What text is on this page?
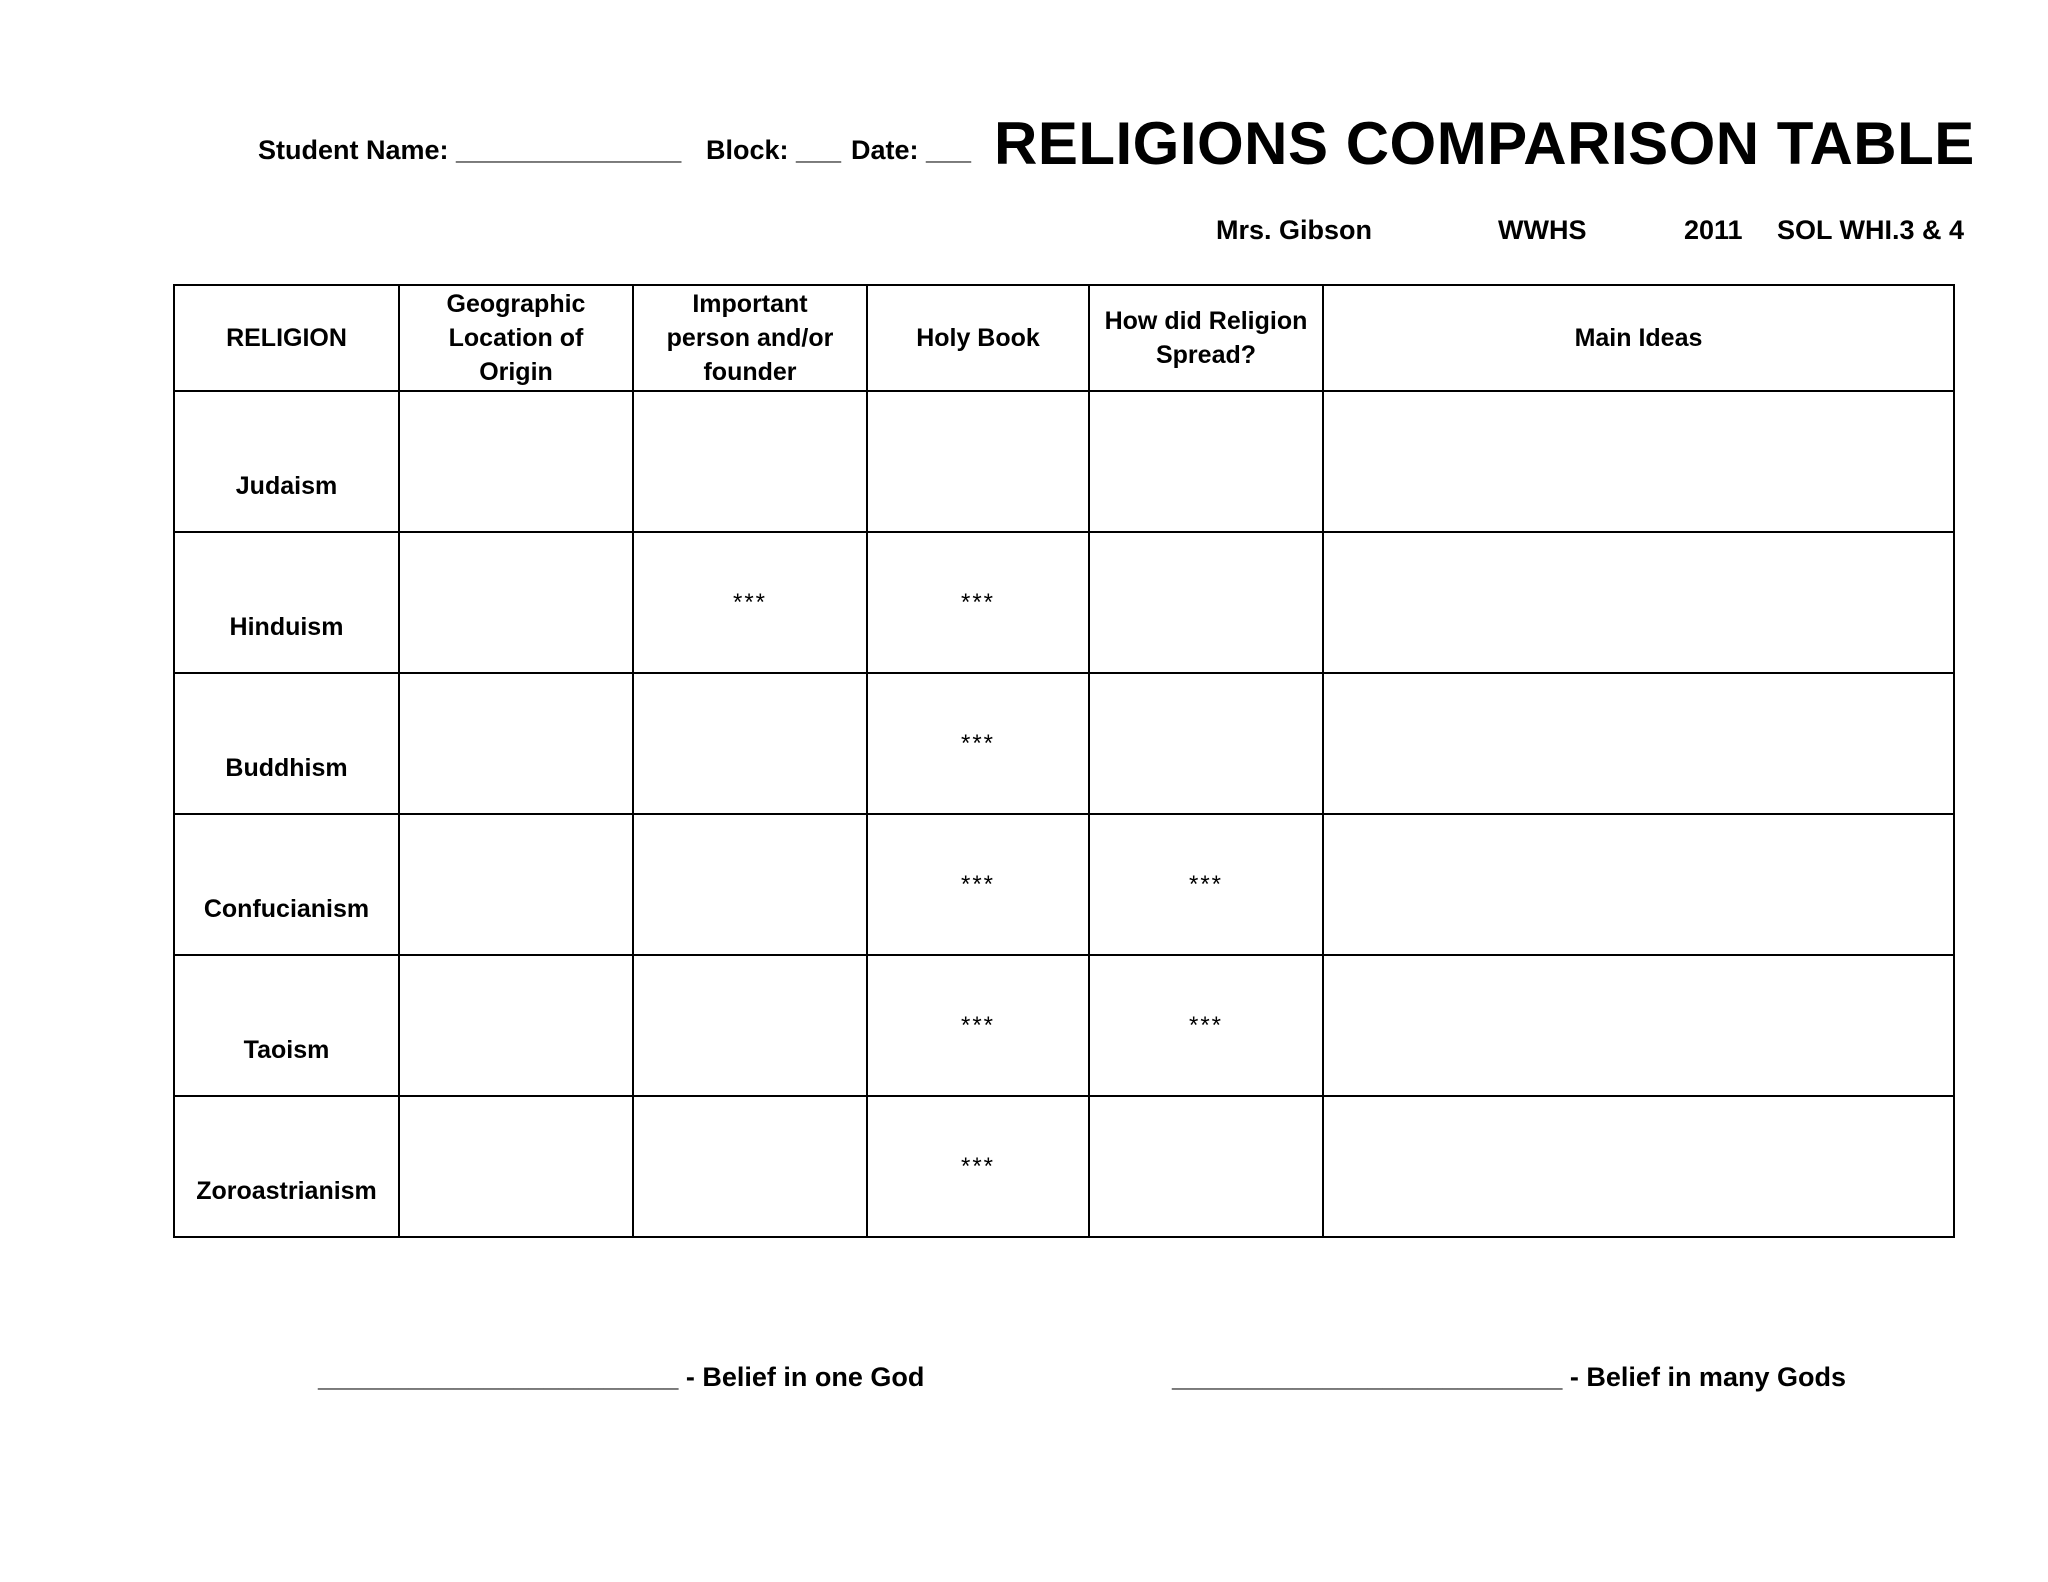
Student Name: _______________ Block: ___ Date: ___ RELIGIONS COMPARISON TABLE
Mrs. Gibson	WWHS	2011 SOL WHI.3 & 4
RELIGION	Geographic Location of Origin	Important person and/or founder	Holy Book	How did Religion Spread?	Main Ideas
Judaism					
Hinduism		***	***		
Buddhism			***		
Confucianism			***	***	
Taoism			***	***	
Zoroastrianism			***		
________________________ - Belief in one God	__________________________ - Belief in many Gods
